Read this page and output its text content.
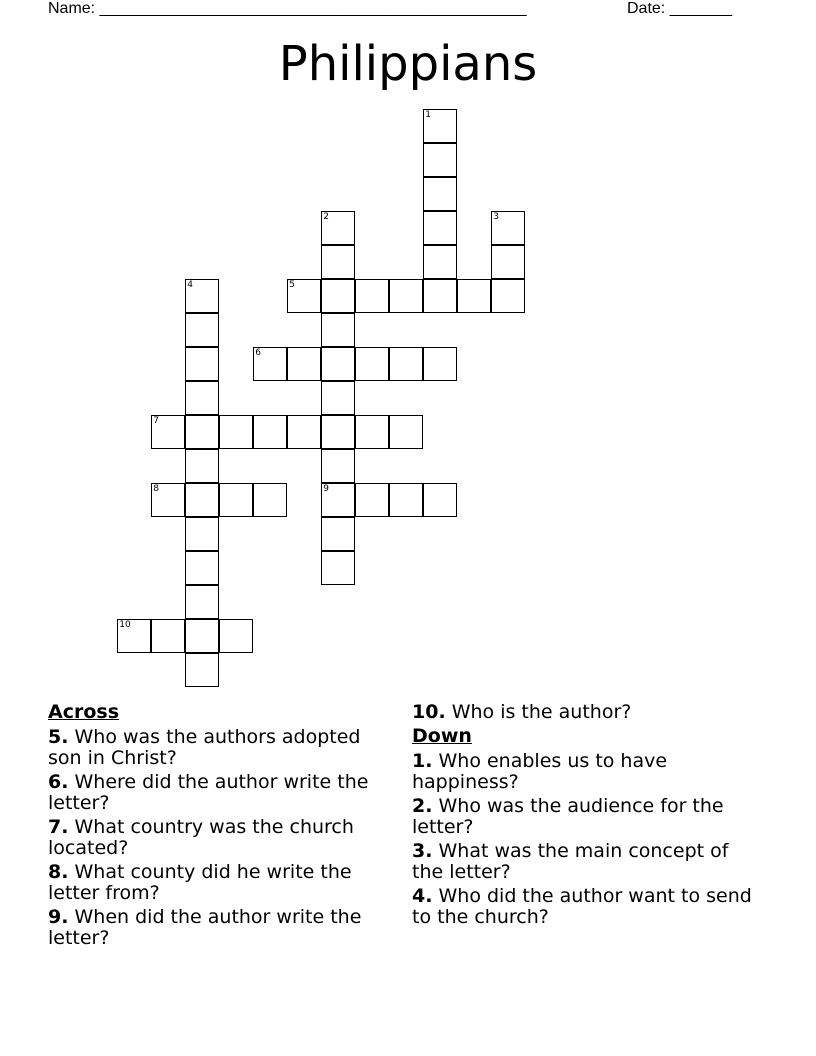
Name: ________________________________________________	Date: _______
Philippians
1
2
9
3
4	5
6
7
8
10
Across
5. Who was the authors adopted son in Christ?
6. Where did the author write the letter?
7. What country was the church located?
8. What county did he write the letter from?
9. When did the author write the letter?
10. Who is the author?
Down
1. Who enables us to have happiness?
2. Who was the audience for the letter?
3. What was the main concept of the letter?
4. Who did the author want to send to the church?
